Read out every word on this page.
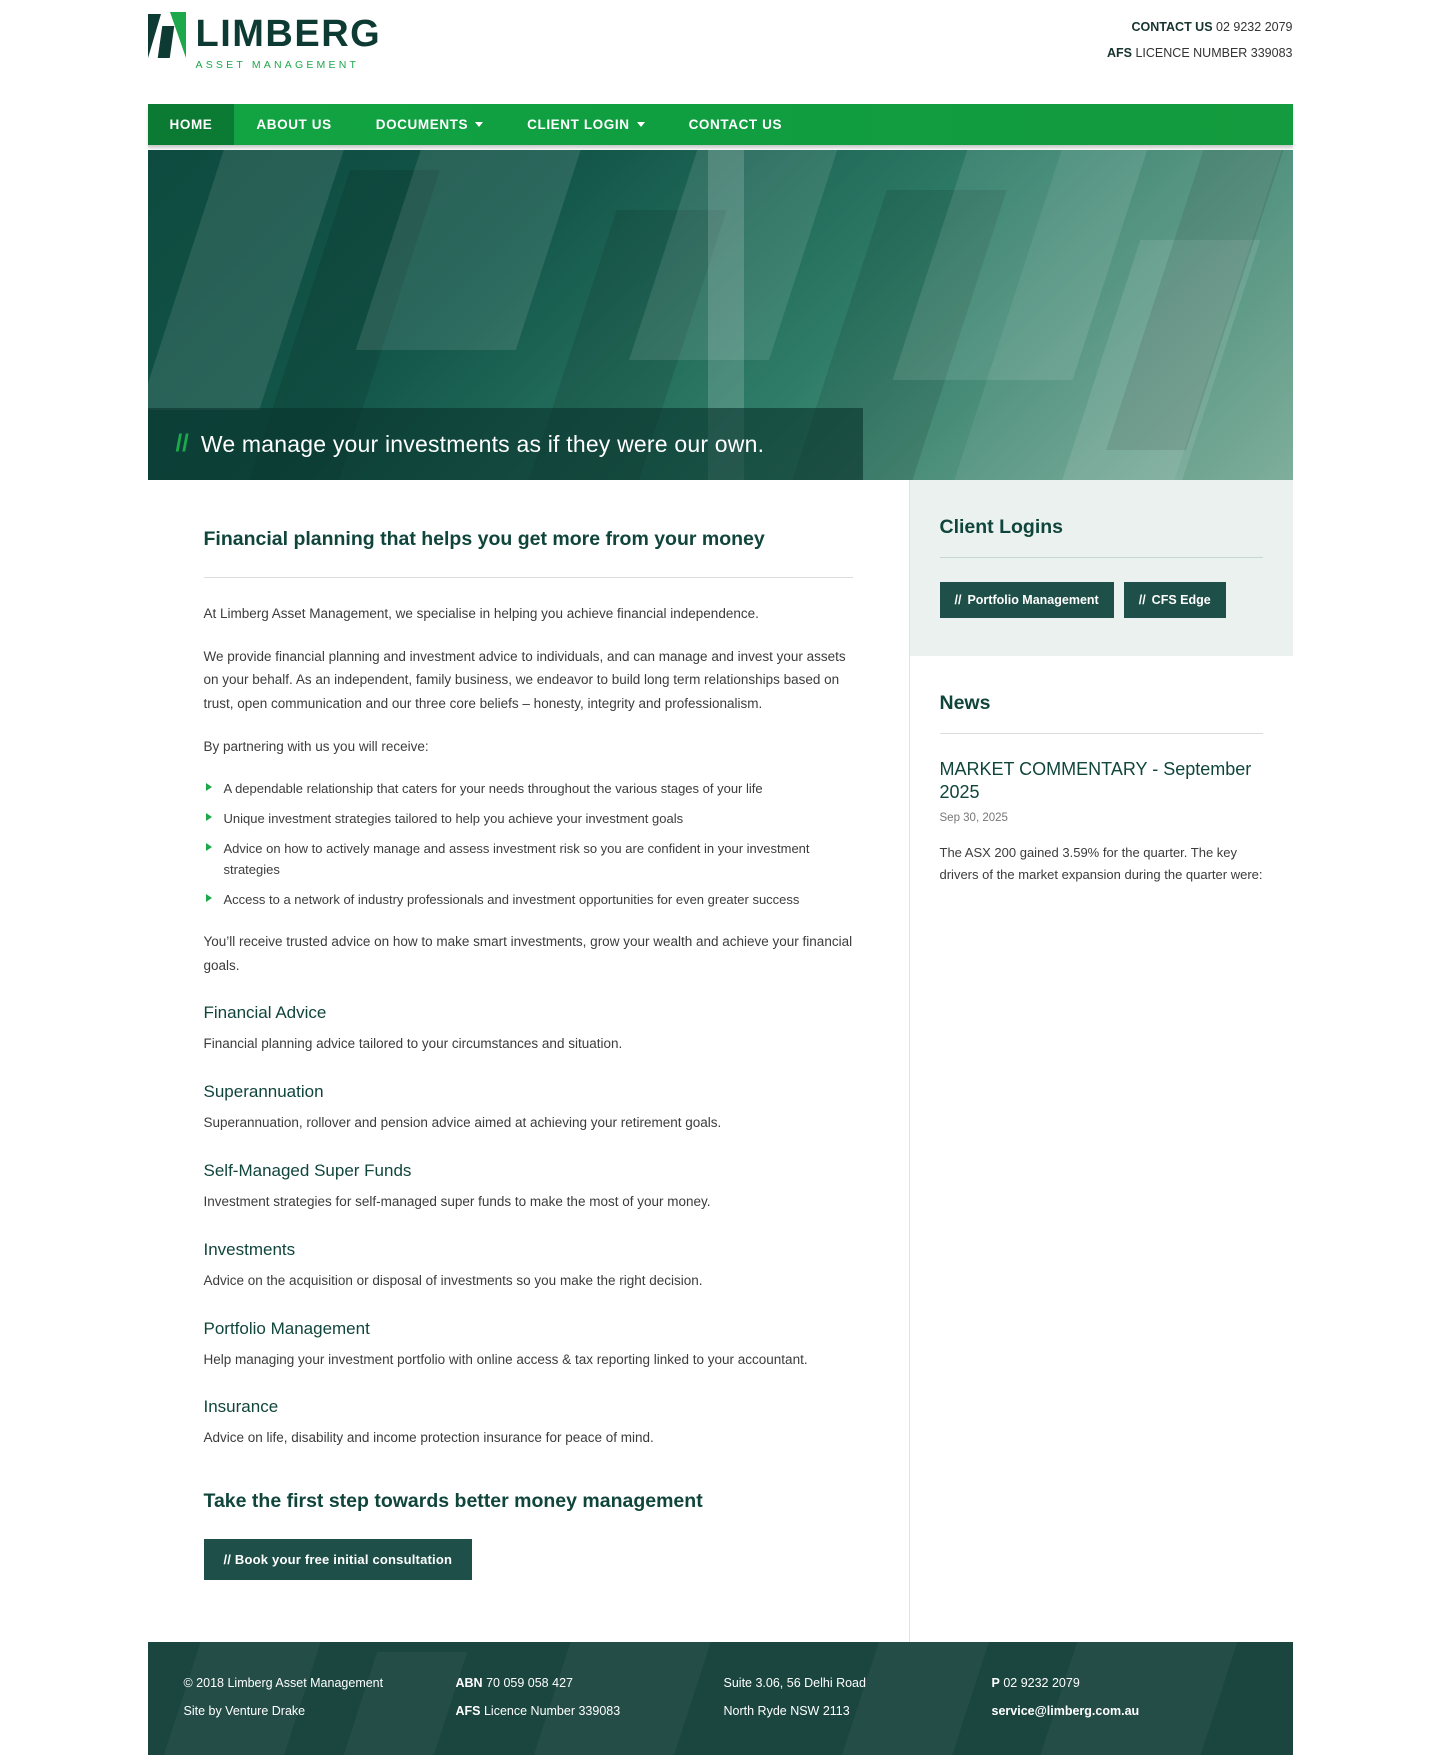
LIMBERG
ASSET MANAGEMENT
CONTACT US 02 9232 2079
AFS LICENCE NUMBER 339083
HOME	ABOUT US	DOCUMENTS	CLIENT LOGIN	CONTACT US
// We manage your investments as if they were our own.
Financial planning that helps you get more from your money

At Limberg Asset Management, we specialise in helping you achieve financial independence.

We provide financial planning and investment advice to individuals, and can manage and invest your assets on your behalf. As an independent, family business, we endeavor to build long term relationships based on trust, open communication and our three core beliefs – honesty, integrity and professionalism.

By partnering with us you will receive:

A dependable relationship that caters for your needs throughout the various stages of your life
Unique investment strategies tailored to help you achieve your investment goals
Advice on how to actively manage and assess investment risk so you are confident in your investment strategies
Access to a network of industry professionals and investment opportunities for even greater success

You’ll receive trusted advice on how to make smart investments, grow your wealth and achieve your financial goals.

Financial Advice

Financial planning advice tailored to your circumstances and situation.

Superannuation

Superannuation, rollover and pension advice aimed at achieving your retirement goals.

Self-Managed Super Funds

Investment strategies for self-managed super funds to make the most of your money.

Investments

Advice on the acquisition or disposal of investments so you make the right decision.

Portfolio Management

Help managing your investment portfolio with online access & tax reporting linked to your accountant.

Insurance

Advice on life, disability and income protection insurance for peace of mind.

Take the first step towards better money management
// Book your free initial consultation
Client Logins
// Portfolio Management	// CFS Edge
News
MARKET COMMENTARY - September 2025

Sep 30, 2025

The ASX 200 gained 3.59% for the quarter. The key drivers of the market expansion during the quarter were:

© 2018 Limberg Asset Management
Site by Venture Drake
ABN 70 059 058 427
AFS Licence Number 339083
Suite 3.06, 56 Delhi Road
North Ryde NSW 2113
P 02 9232 2079
service@limberg.com.au
